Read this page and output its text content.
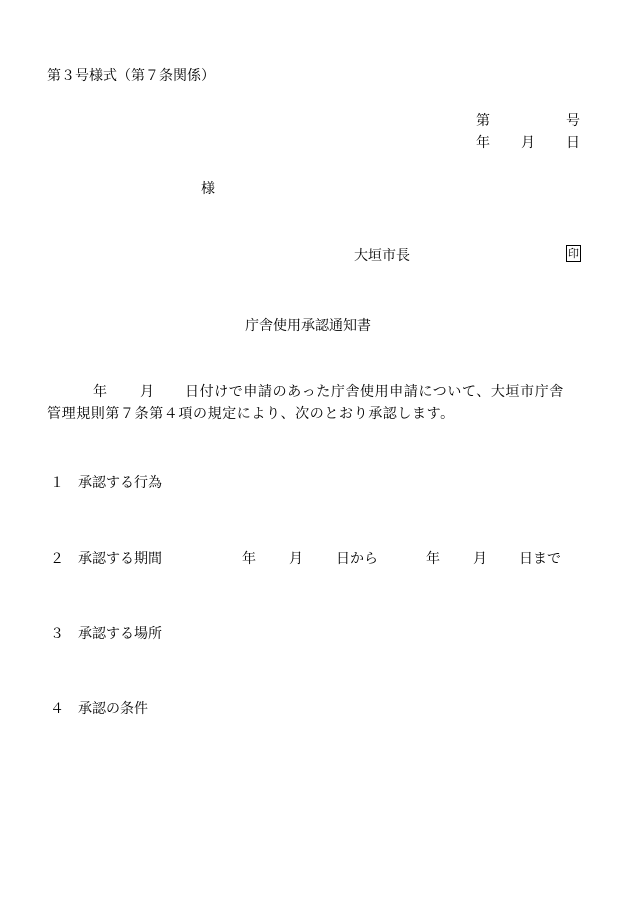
第３号様式（第７条関係）
第	号
年 月 日
様
大垣市長	印
庁舎使用承認通知書
年 月 日付けで申請のあった庁舎使用申請について、大垣市庁舎
管理規則第７条第４項の規定により、次のとおり承認します。
１ 承認する行為
２ 承認する期間	年 月 日から	年 月 日まで
３ 承認する場所
４ 承認の条件
